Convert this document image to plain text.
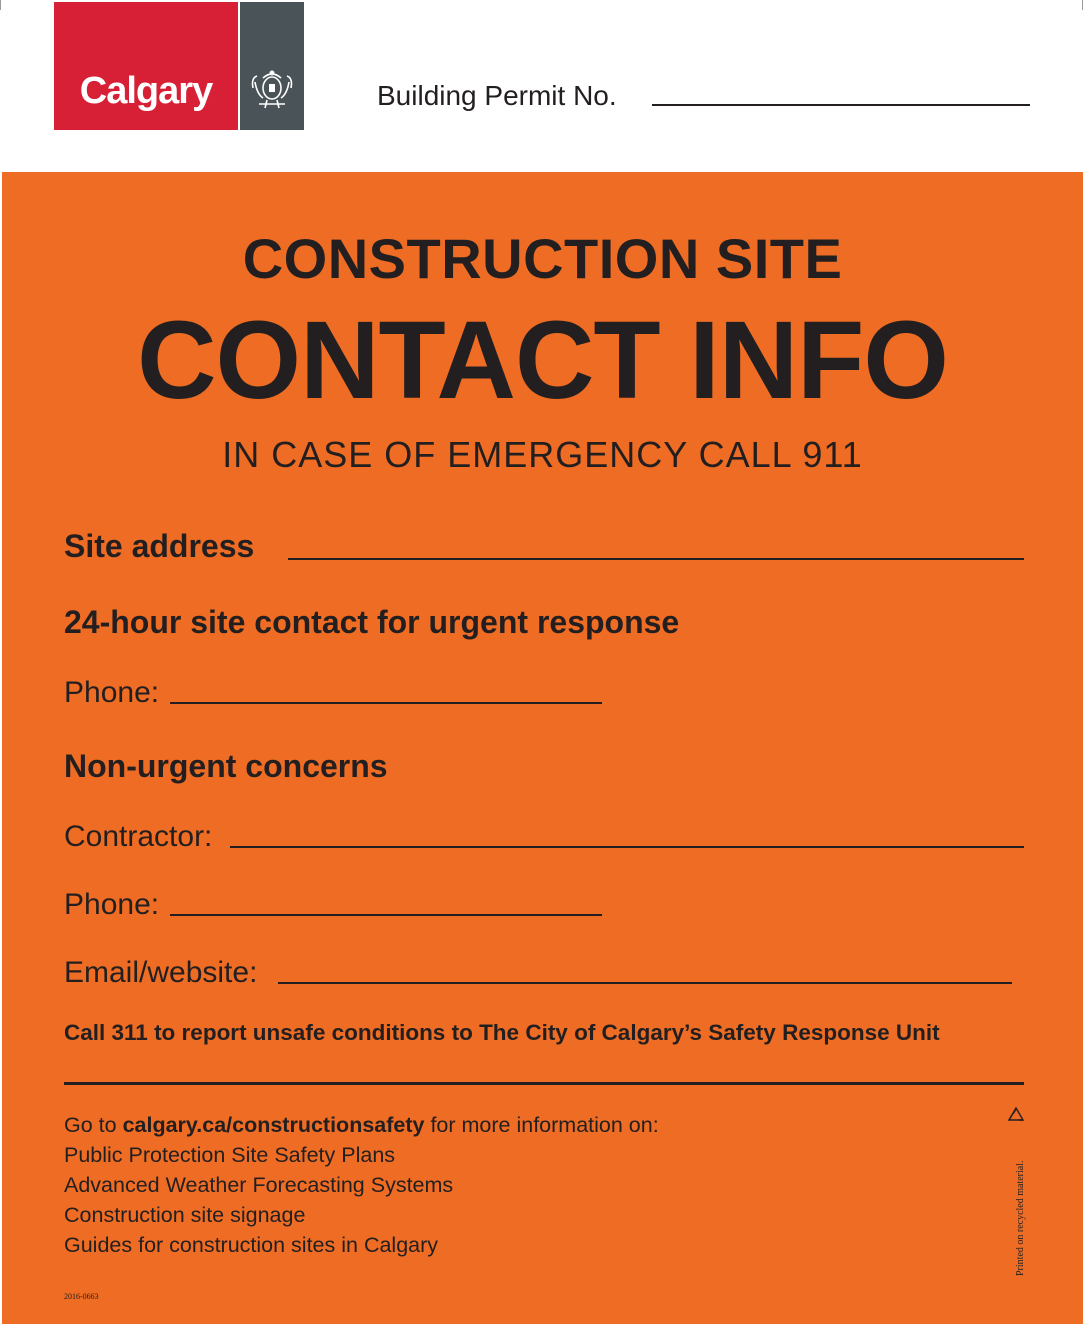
Calgary	Building Permit No.
CONSTRUCTION SITE
CONTACT INFO
IN CASE OF EMERGENCY CALL 911
Site address
24-hour site contact for urgent response
Phone:
Non-urgent concerns
Contractor:
Phone:
Email/website:
Call 311 to report unsafe conditions to The City of Calgary’s Safety Response Unit
Go to calgary.ca/constructionsafety for more information on:
Public Protection Site Safety Plans
Advanced Weather Forecasting Systems
Construction site signage
Guides for construction sites in Calgary	Printed on recycled material.
2016-0663
